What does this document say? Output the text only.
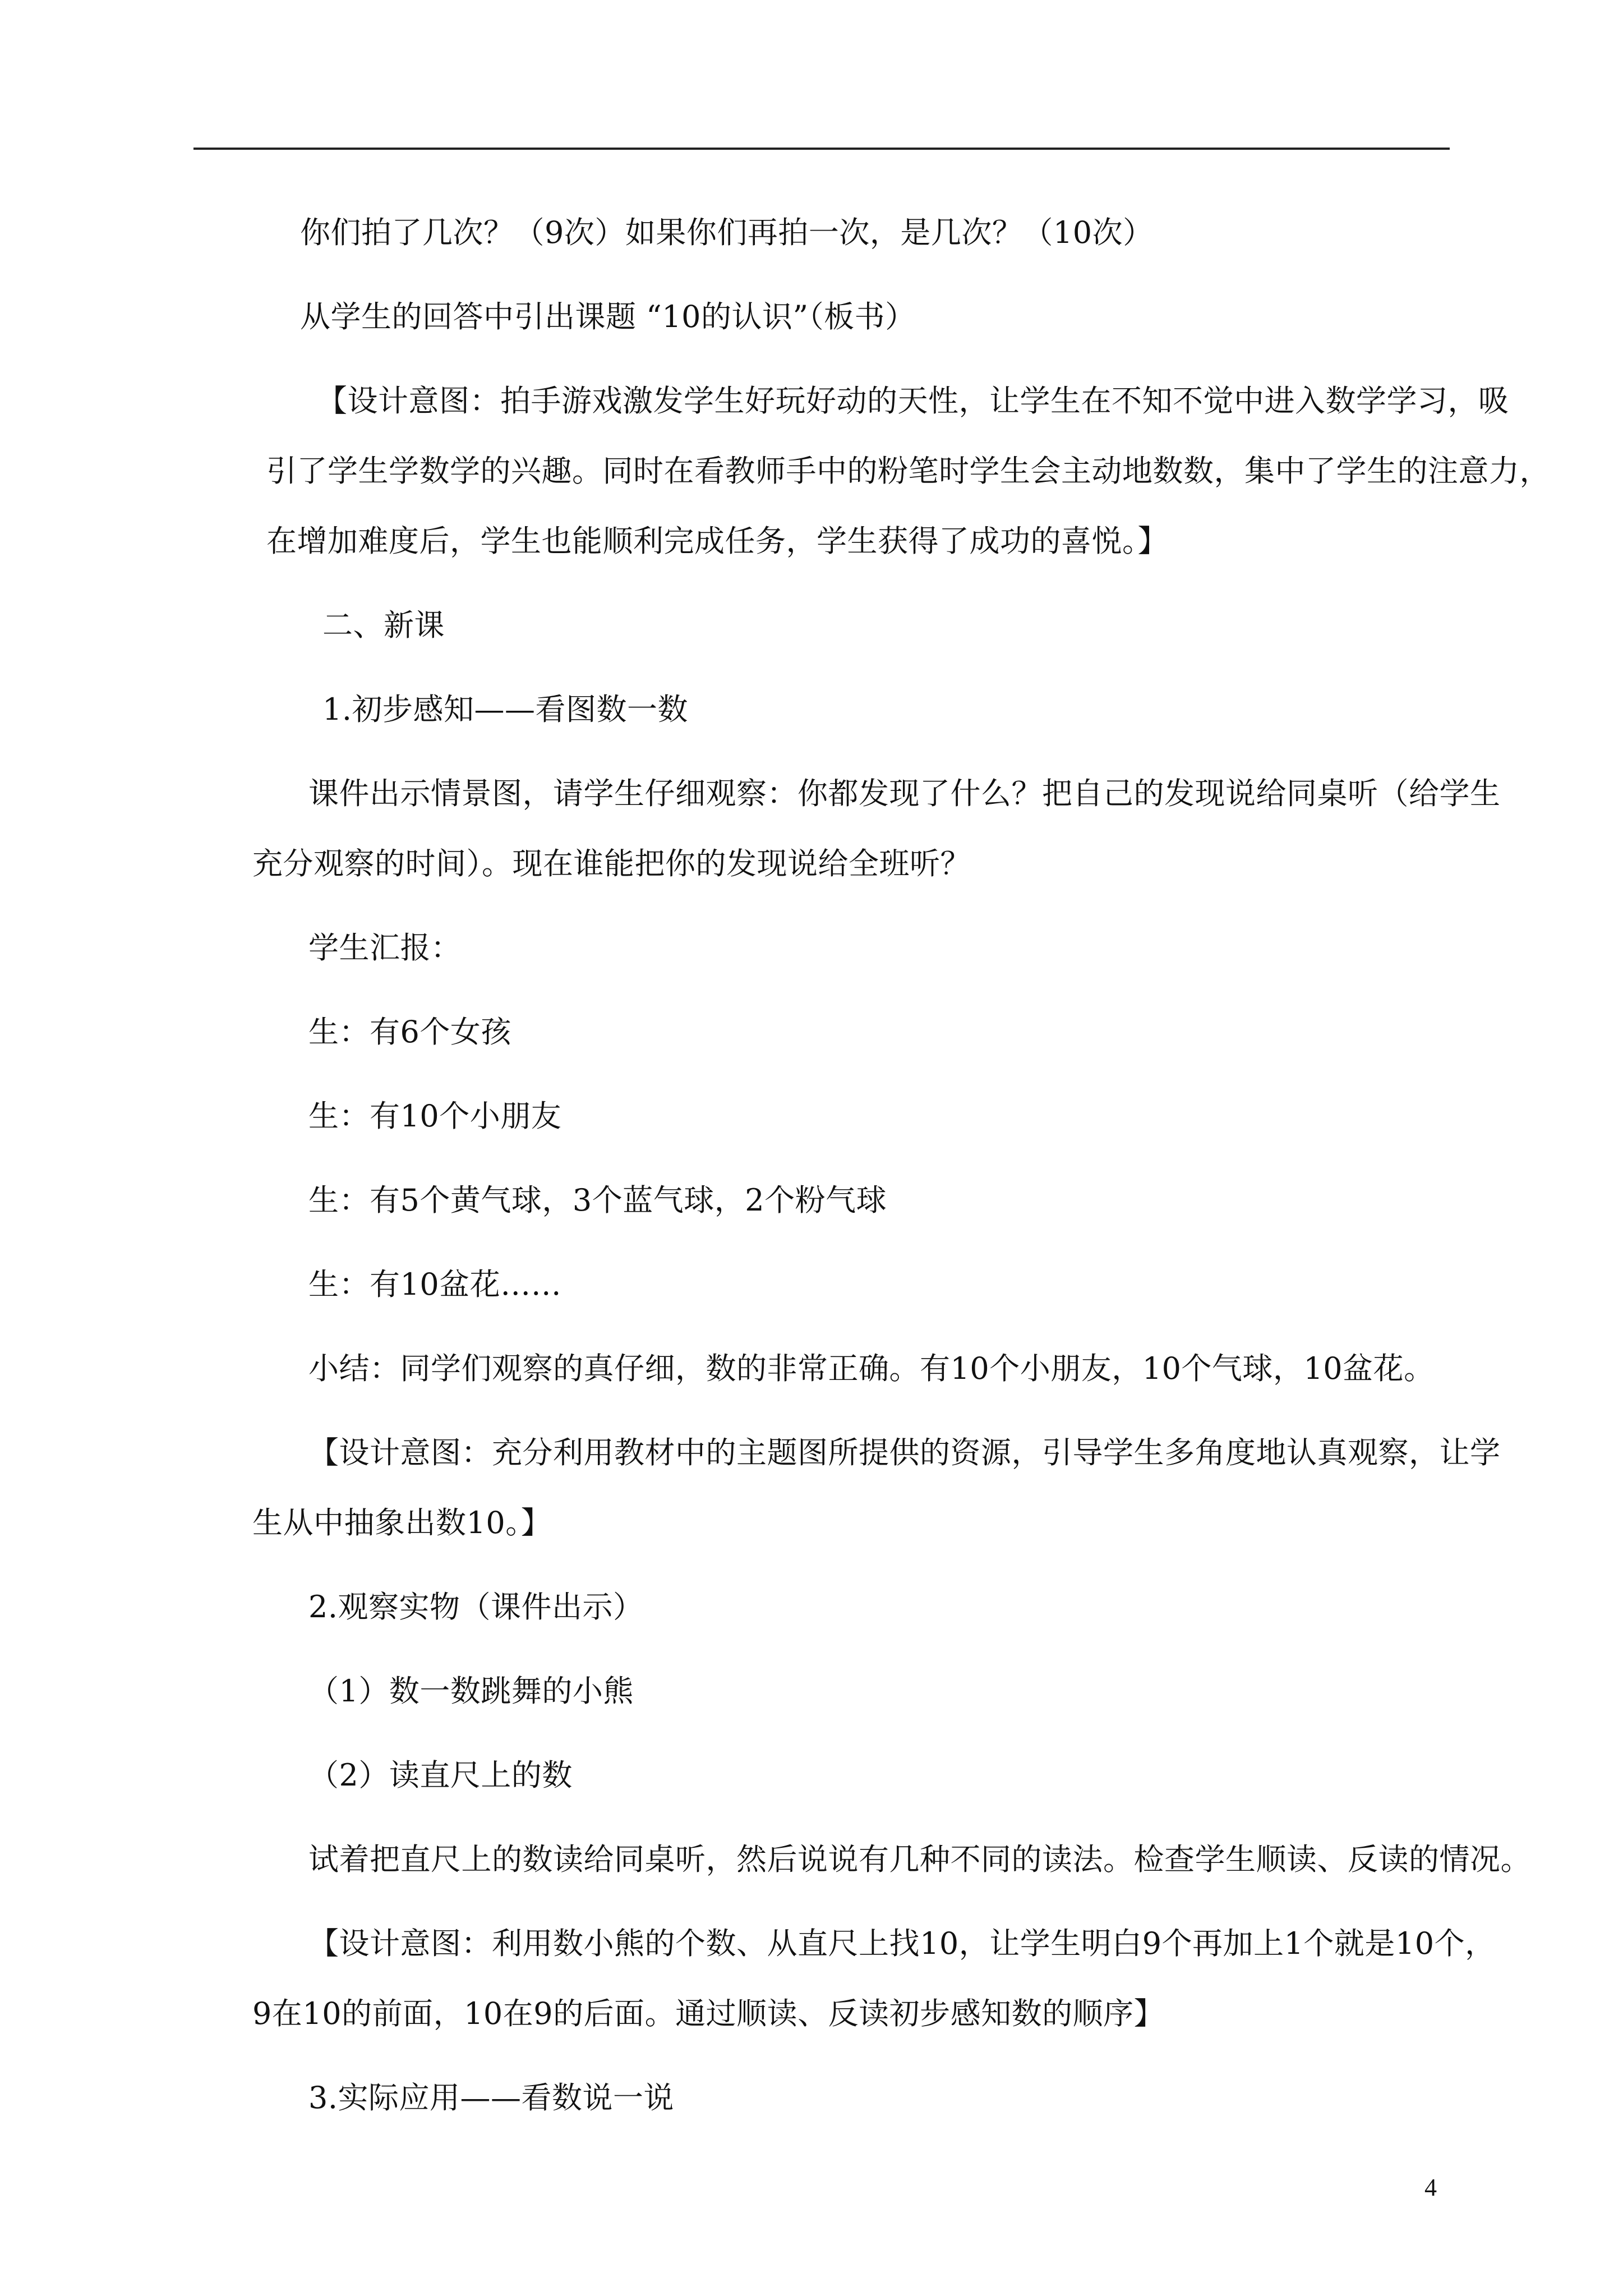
你们拍了几次？（9次）如果你们再拍一次，是几次？（10次）
从学生的回答中引出课题 “10的认识”（板书）
【设计意图：拍手游戏激发学生好玩好动的天性，让学生在不知不觉中进入数学学习，吸
引了学生学数学的兴趣。同时在看教师手中的粉笔时学生会主动地数数，集中了学生的注意力，
在增加难度后，学生也能顺利完成任务，学生获得了成功的喜悦。】
二、新课
1.初步感知——看图数一数
课件出示情景图，请学生仔细观察：你都发现了什么？把自己的发现说给同桌听（给学生
充分观察的时间）。现在谁能把你的发现说给全班听？
学生汇报：
生：有6个女孩
生：有10个小朋友
生：有5个黄气球，3个蓝气球，2个粉气球
生：有10盆花……
小结：同学们观察的真仔细，数的非常正确。有10个小朋友，10个气球，10盆花。
【设计意图：充分利用教材中的主题图所提供的资源，引导学生多角度地认真观察，让学
生从中抽象出数10。】
2.观察实物（课件出示）
（1）数一数跳舞的小熊
（2）读直尺上的数
试着把直尺上的数读给同桌听，然后说说有几种不同的读法。检查学生顺读、反读的情况。
【设计意图：利用数小熊的个数、从直尺上找10，让学生明白9个再加上1个就是10个，
9在10的前面，10在9的后面。通过顺读、反读初步感知数的顺序】
3.实际应用——看数说一说
4
